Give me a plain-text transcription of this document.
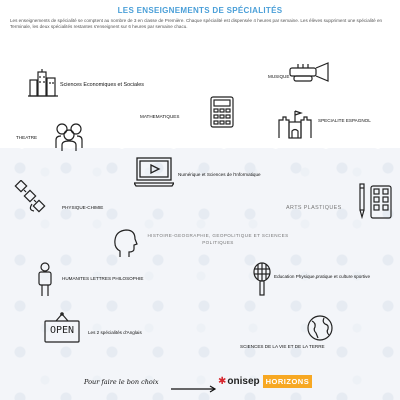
LES ENSEIGNEMENTS DE SPÉCIALITÉS
Les enseignements de spécialité se comptent au nombre de 3 en classe de Première. Chaque spécialité est dispensée 4 heures par semaine. Les élèves suppriment une spécialité en Terminale, les deux spécialités restantes s'enseignent sur 6 heures par semaine chacu.
Sciences Economiques et Sociales
MUSIQUE
MATHEMATIQUES
SPECIALITE ESPAGNOL
THEATRE
Numérique et Sciences de l'Informatique
PHYSIQUE-CHIMIE	ARTS PLASTIQUES
HISTOIRE-GEOGRAPHIE, GEOPOLITIQUE ET SCIENCES POLITIQUES
HUMANITES LETTRES PHILOSOPHIE	Education Physique,pratique et culture sportive
OPEN	Les 2 spécialités d'Anglais
SCIENCES DE LA VIE ET DE LA TERRE
Pour faire le bon choix	✱ onisep HORIZONS
